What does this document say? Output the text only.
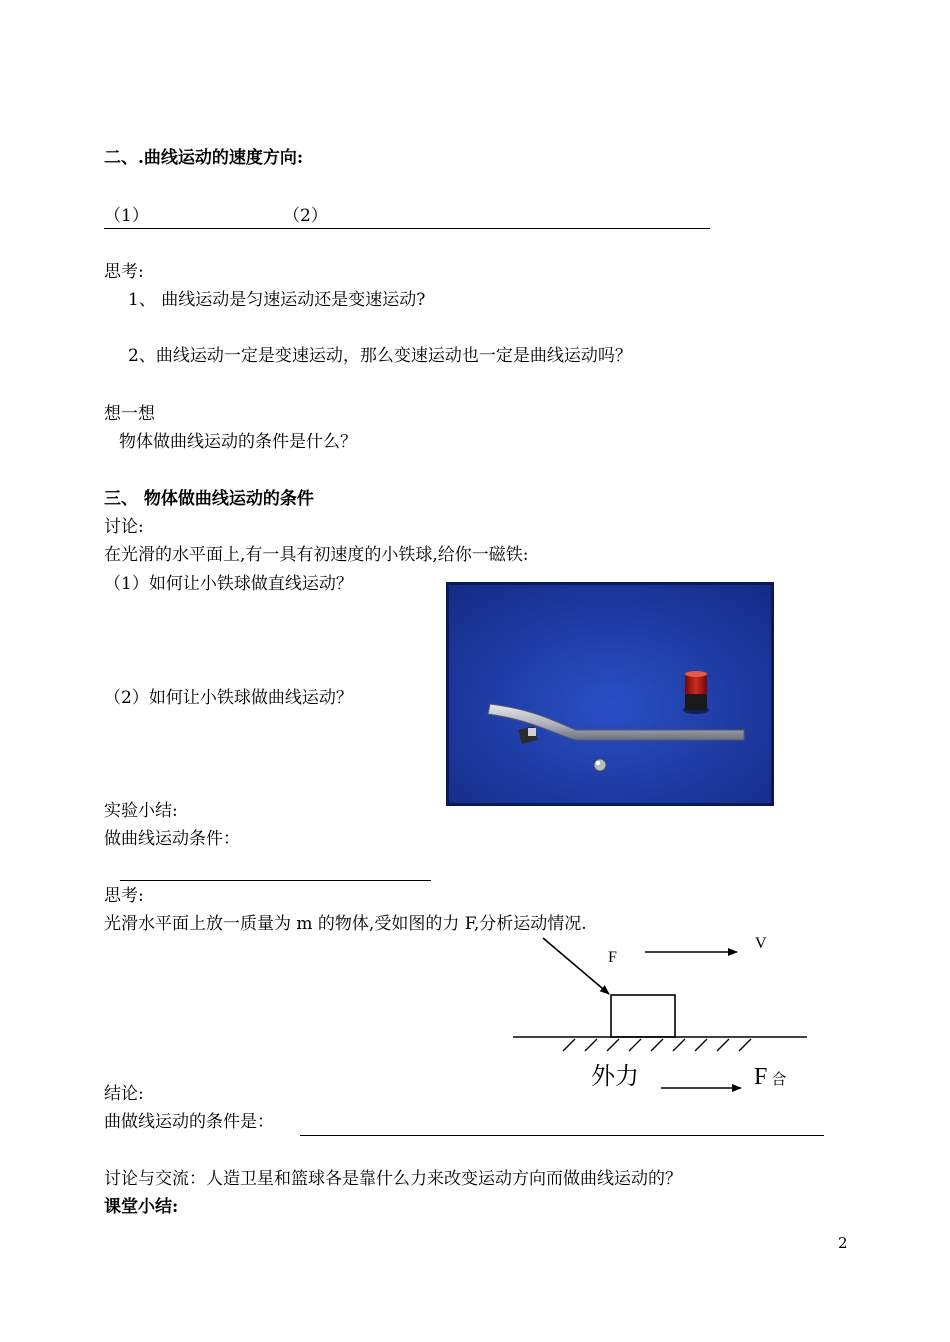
二、.曲线运动的速度方向:
（1）	（2）
思考:
1、 曲线运动是匀速运动还是变速运动?
2、曲线运动一定是变速运动，那么变速运动也一定是曲线运动吗？
想一想
物体做曲线运动的条件是什么？
三、 物体做曲线运动的条件
讨论:
在光滑的水平面上,有一具有初速度的小铁球,给你一磁铁:
（1）如何让小铁球做直线运动？
（2）如何让小铁球做曲线运动？
实验小结:
做曲线运动条件：
思考:
光滑水平面上放一质量为 m 的物体,受如图的力 F,分析运动情况.
F
V
外力	F合
结论:
曲做线运动的条件是：
讨论与交流：人造卫星和篮球各是靠什么力来改变运动方向而做曲线运动的？
课堂小结:
2
